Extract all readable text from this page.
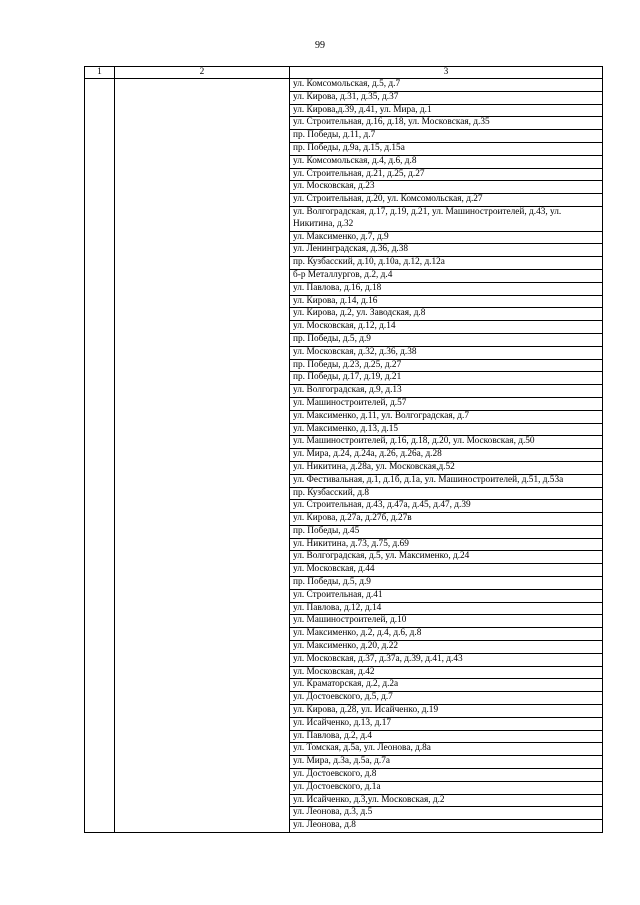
99
1	2	3
		ул. Комсомольская, д.5, д.7
		ул. Кирова, д.31, д.35, д.37
		ул. Кирова,д.39, д.41, ул. Мира, д.1
		ул. Строительная, д.16, д.18, ул. Московская, д.35
		пр. Победы, д.11, д.7
		пр. Победы, д.9а, д.15, д.15а
		ул. Комсомольская, д.4, д.6, д.8
		ул. Строительная, д.21, д.25, д.27
		ул. Московская, д.23
		ул. Строительная, д.20, ул. Комсомольская, д.27
		ул. Волгоградская, д.17, д.19, д.21, ул. Машиностроителей, д.43, ул. Никитина, д.32
		ул. Максименко, д.7, д.9
		ул. Ленинградская, д.36, д.38
		пр. Кузбасский, д.10, д.10а, д.12, д.12а
		б-р Металлургов, д.2, д.4
		ул. Павлова, д.16, д.18
		ул. Кирова, д.14, д.16
		ул. Кирова, д.2, ул. Заводская, д.8
		ул. Московская, д.12, д.14
		пр. Победы, д.5, д.9
		ул. Московская, д.32, д.36, д.38
		пр. Победы, д.23, д.25, д.27
		пр. Победы, д.17, д.19, д.21
		ул. Волгоградская, д.9, д.13
		ул. Машиностроителей, д.57
		ул. Максименко, д.11, ул. Волгоградская, д.7
		ул. Максименко, д.13, д.15
		ул. Машиностроителей, д.16, д.18, д.20, ул. Московская, д.50
		ул. Мира, д.24, д.24а, д.26, д.26а, д.28
		ул. Никитина, д.28а, ул. Московская,д.52
		ул. Фестивальная, д.1, д.1б, д.1а, ул. Машиностроителей, д.51, д.53а
		пр. Кузбасский, д.8
		ул. Строительная, д.43, д.47а, д.45, д.47, д.39
		ул. Кирова, д.27а, д.27б, д.27в
		пр. Победы, д.45
		ул. Никитина, д.73, д.75, д.69
		ул. Волгоградская, д.5, ул. Максименко, д.24
		ул. Московская, д.44
		пр. Победы, д.5, д.9
		ул. Строительная, д.41
		ул. Павлова, д.12, д.14
		ул. Машиностроителей, д.10
		ул. Максименко, д.2, д.4, д.6, д.8
		ул. Максименко, д.20, д.22
		ул. Московская, д.37, д.37а, д.39, д.41, д.43
		ул. Московская, д.42
		ул. Краматорская, д.2, д.2а
		ул. Достоевского, д.5, д.7
		ул. Кирова, д.28, ул. Исайченко, д.19
		ул. Исайченко, д.13, д.17
		ул. Павлова, д.2, д.4
		ул. Томская, д.5а, ул. Леонова, д.8а
		ул. Мира, д.3а, д.5а, д.7а
		ул. Достоевского, д.8
		ул. Достоевского, д.1а
		ул. Исайченко, д.3,ул. Московская, д.2
		ул. Леонова, д.3, д.5
		ул. Леонова, д.8
